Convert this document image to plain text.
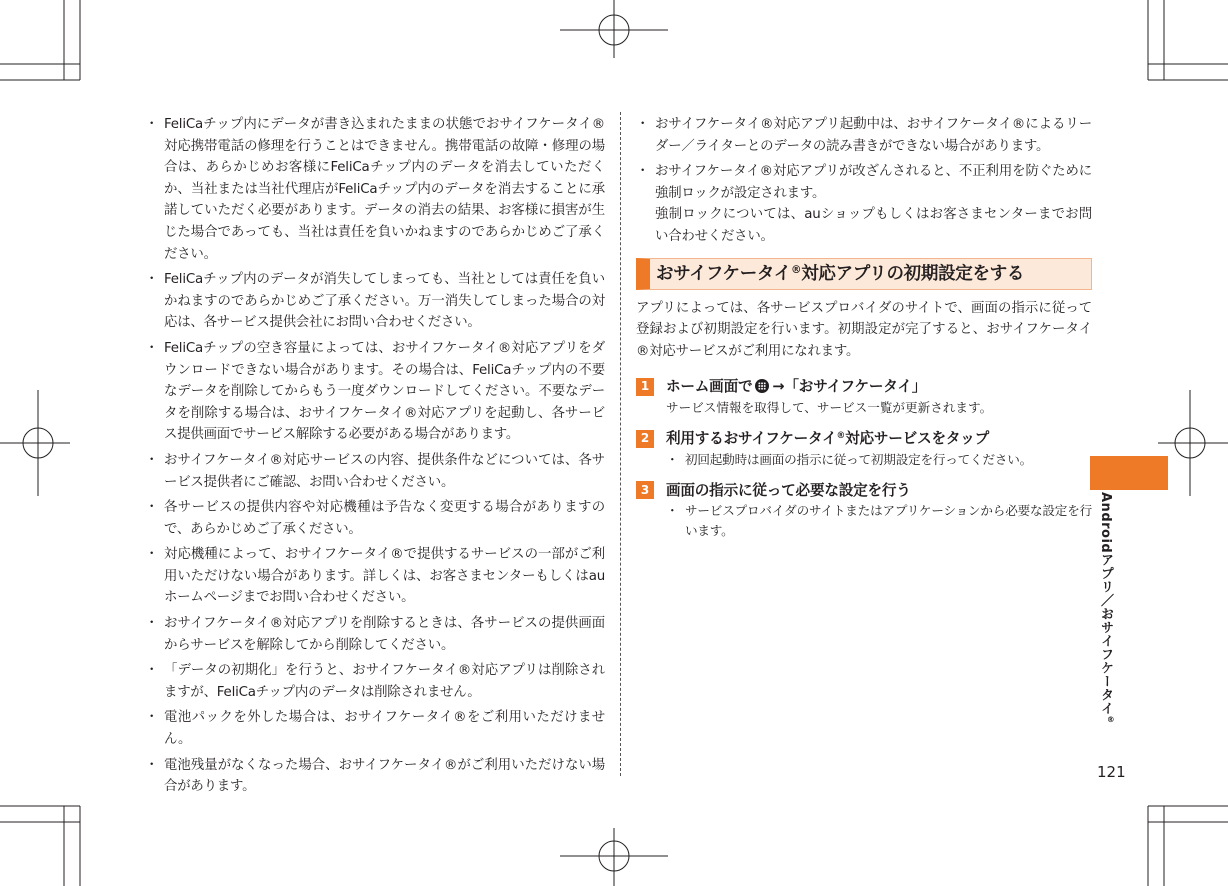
・ FeliCaチップ内にデータが書き込まれたままの状態でおサイフケータイ®対応携帯電話の修理を行うことはできません。携帯電話の故障・修理の場合は、あらかじめお客様にFeliCaチップ内のデータを消去していただくか、当社または当社代理店がFeliCaチップ内のデータを消去することに承諾していただく必要があります。データの消去の結果、お客様に損害が生じた場合であっても、当社は責任を負いかねますのであらかじめご了承ください。
・ FeliCaチップ内のデータが消失してしまっても、当社としては責任を負いかねますのであらかじめご了承ください。万一消失してしまった場合の対応は、各サービス提供会社にお問い合わせください。
・ FeliCaチップの空き容量によっては、おサイフケータイ®対応アプリをダウンロードできない場合があります。その場合は、FeliCaチップ内の不要なデータを削除してからもう一度ダウンロードしてください。不要なデータを削除する場合は、おサイフケータイ®対応アプリを起動し、各サービス提供画面でサービス解除する必要がある場合があります。
・ おサイフケータイ®対応サービスの内容、提供条件などについては、各サービス提供者にご確認、お問い合わせください。
・ 各サービスの提供内容や対応機種は予告なく変更する場合がありますので、あらかじめご了承ください。
・ 対応機種によって、おサイフケータイ®で提供するサービスの一部がご利用いただけない場合があります。詳しくは、お客さまセンターもしくはauホームページまでお問い合わせください。
・ おサイフケータイ®対応アプリを削除するときは、各サービスの提供画面からサービスを解除してから削除してください。
・ 「データの初期化」を行うと、おサイフケータイ®対応アプリは削除されますが、FeliCaチップ内のデータは削除されません。
・ 電池パックを外した場合は、おサイフケータイ®をご利用いただけません。
・ 電池残量がなくなった場合、おサイフケータイ®がご利用いただけない場合があります。
・ おサイフケータイ®対応アプリ起動中は、おサイフケータイ®によるリーダー／ライターとのデータの読み書きができない場合があります。
・ おサイフケータイ®対応アプリが改ざんされると、不正利用を防ぐために強制ロックが設定されます。
強制ロックについては、auショップもしくはお客さまセンターまでお問い合わせください。
おサイフケータイ®対応アプリの初期設定をする

アプリによっては、各サービスプロバイダのサイトで、画面の指示に従って登録および初期設定を行います。初期設定が完了すると、おサイフケータイ®対応サービスがご利用になれます。

1	ホーム画面で →「おサイフケータイ」
サービス情報を取得して、サービス一覧が更新されます。
2	利用するおサイフケータイ®対応サービスをタップ
・ 初回起動時は画面の指示に従って初期設定を行ってください。
3	画面の指示に従って必要な設定を行う
・ サービスプロバイダのサイトまたはアプリケーションから必要な設定を行います。	Androidアプリ／おサイフケータイ®
121
